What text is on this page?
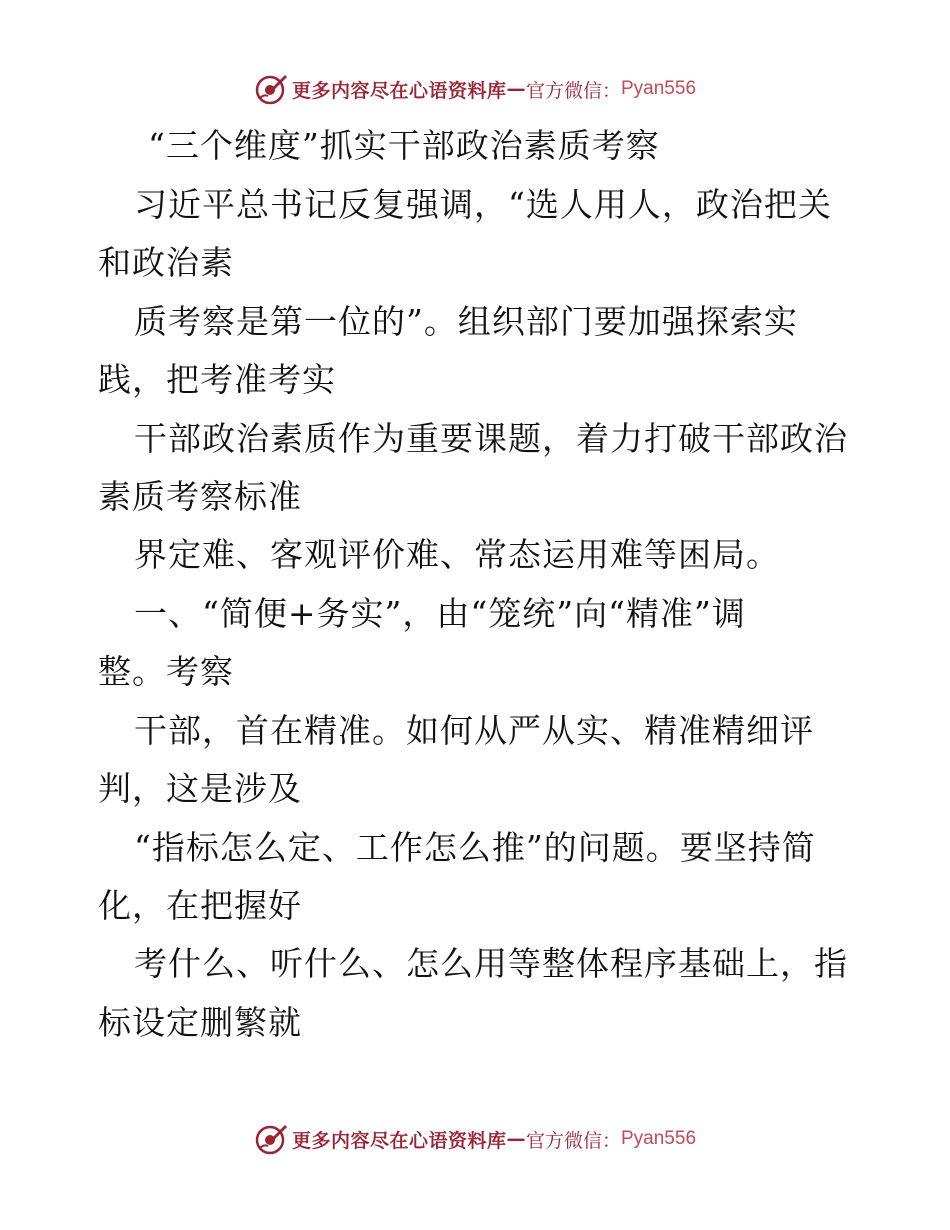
更多内容尽在心语资料库 — 官方微信： Pyan556
“三个维度”抓实干部政治素质考察
习近平总书记反复强调，“选人用人，政治把关
和政治素
质考察是第一位的”。组织部门要加强探索实
践，把考准考实
干部政治素质作为重要课题，着力打破干部政治
素质考察标准
界定难、客观评价难、常态运用难等困局。
一、“简便+务实”，由“笼统”向“精准”调
整。考察
干部，首在精准。如何从严从实、精准精细评
判，这是涉及
“指标怎么定、工作怎么推”的问题。要坚持简
化，在把握好
考什么、听什么、怎么用等整体程序基础上，指
标设定删繁就
更多内容尽在心语资料库 — 官方微信： Pyan556
